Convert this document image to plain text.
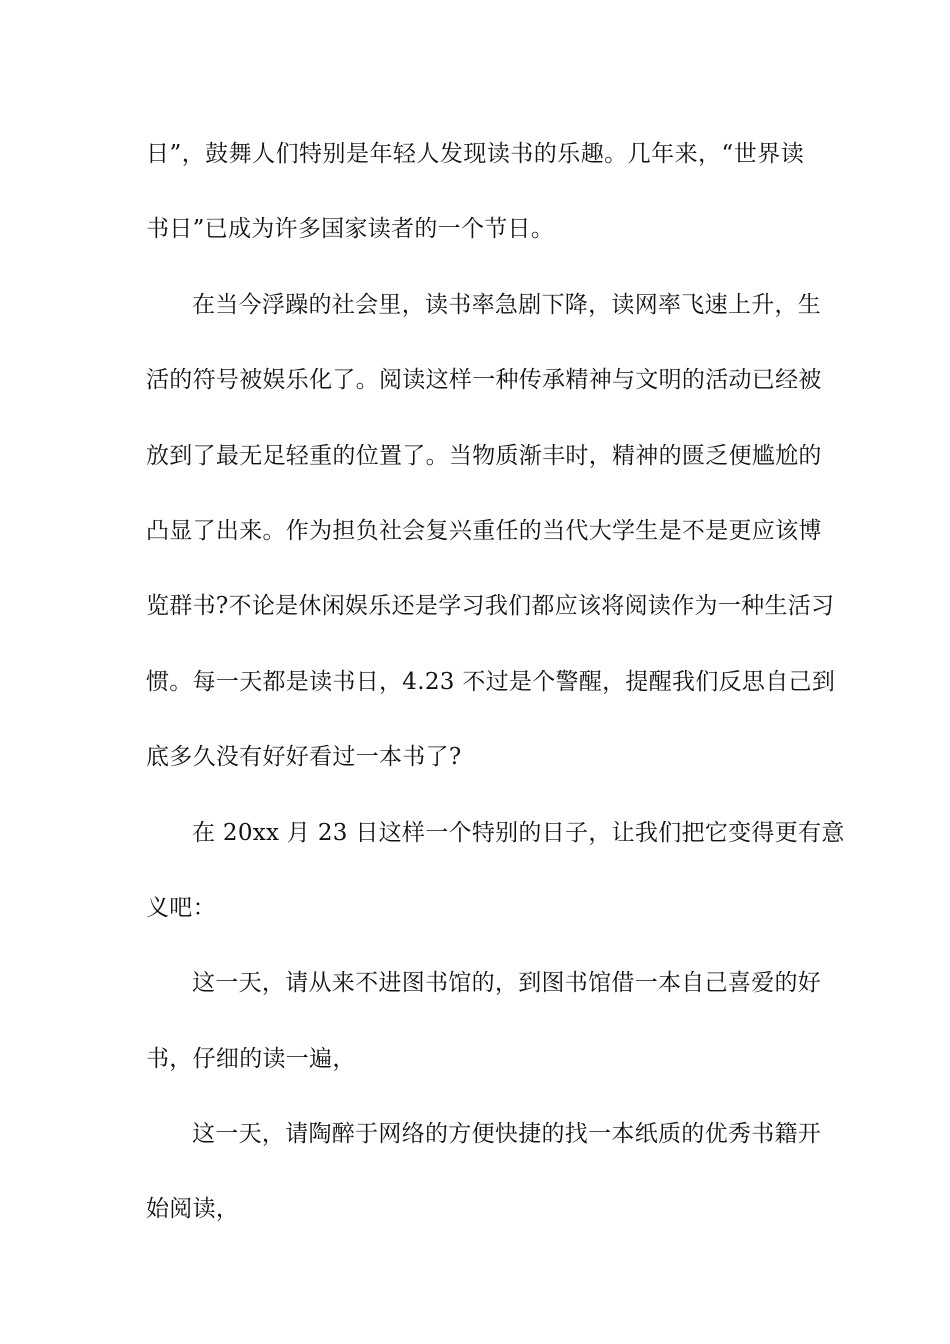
日”，鼓舞人们特别是年轻人发现读书的乐趣。几年来，“世界读
书日”已成为许多国家读者的一个节日。
在当今浮躁的社会里，读书率急剧下降，读网率飞速上升，生
活的符号被娱乐化了。阅读这样一种传承精神与文明的活动已经被
放到了最无足轻重的位置了。当物质渐丰时，精神的匮乏便尴尬的
凸显了出来。作为担负社会复兴重任的当代大学生是不是更应该博
览群书?不论是休闲娱乐还是学习我们都应该将阅读作为一种生活习
惯。每一天都是读书日，4.23 不过是个警醒，提醒我们反思自己到
底多久没有好好看过一本书了?
在 20xx 月 23 日这样一个特别的日子，让我们把它变得更有意
义吧：
这一天，请从来不进图书馆的，到图书馆借一本自己喜爱的好
书，仔细的读一遍，
这一天，请陶醉于网络的方便快捷的找一本纸质的优秀书籍开
始阅读，
